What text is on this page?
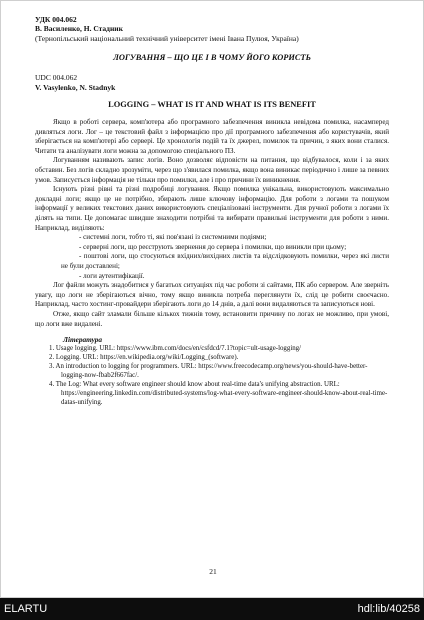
УДК 004.062
В. Василенко, Н. Стадник
(Тернопільський національний технічний університет імені Івана Пулюя, Україна)
ЛОГУВАННЯ – ЩО ЦЕ І В ЧОМУ ЙОГО КОРИСТЬ
UDC 004.062
V. Vasylenko, N. Stadnyk
LOGGING – WHAT IS IT AND WHAT IS ITS BENEFIT

Якщо в роботі сервера, комп'ютера або програмного забезпечення виникла невідома помилка, насамперед дивляться логи. Лог – це текстовий файл з інформацією про дії програмного забезпечення або користувачів, який зберігається на комп'ютері або сервері. Це хронологія подій та їх джерел, помилок та причин, з яких вони сталися. Читати та аналізувати логи можна за допомогою спеціального ПЗ.

Логуванням називають запис логів. Воно дозволяє відповісти на питання, що відбувалося, коли і за яких обставин. Без логів складно зрозуміти, через що з'явилася помилка, якщо вона виникає періодично і лише за певних умов. Записується інформація не тільки про помилки, але і про причини їх виникнення.

Існують різні рівні та різні подробиці логування. Якщо помилка унікальна, використовують максимально докладні логи; якщо це не потрібно, збирають лише ключову інформацію. Для роботи з логами та пошуком інформації у великих текстових даних використовують спеціалізовані інструменти. Для ручної роботи з логами їх ділять на типи. Це допомагає швидше знаходити потрібні та вибирати правильні інструменти для роботи з ними. Наприклад, виділяють:

- системні логи, тобто ті, які пов'язані із системними подіями;

- серверні логи, що реєструють звернення до сервера і помилки, що виникли при цьому;

- поштові логи, що стосуються вхідних/вихідних листів та відслідковують помилки, через які листи не були доставлені;

- логи аутентифікації.

Лог файли можуть знадобитися у багатьох ситуаціях під час роботи зі сайтами, ПК або сервером. Але зверніть увагу, що логи не зберігаються вічно, тому якщо виникла потреба переглянути їх, слід це робити своєчасно. Наприклад, часто хостинг-провайдери зберігають логи до 14 днів, а далі вони видаляються та записуються нові.

Отже, якщо сайт зламали більше кількох тижнів тому, встановити причину по логах не можливо, при умові, що логи вже видалені.

Література
1. Usage logging. URL: https://www.ibm.com/docs/en/csfdcd/7.1?topic=ult-usage-logging/
2. Logging. URL: https://en.wikipedia.org/wiki/Logging_(software).
3. An introduction to logging for programmers. URL: https://www.freecodecamp.org/news/you-should-have-better-logging-now-fbab2f667fac/.
4. The Log: What every software engineer should know about real-time data's unifying abstraction. URL: https://engineering.linkedin.com/distributed-systems/log-what-every-software-engineer-should-know-about-real-time-datas-unifying.
21
ELARTU	hdl:lib/40258
